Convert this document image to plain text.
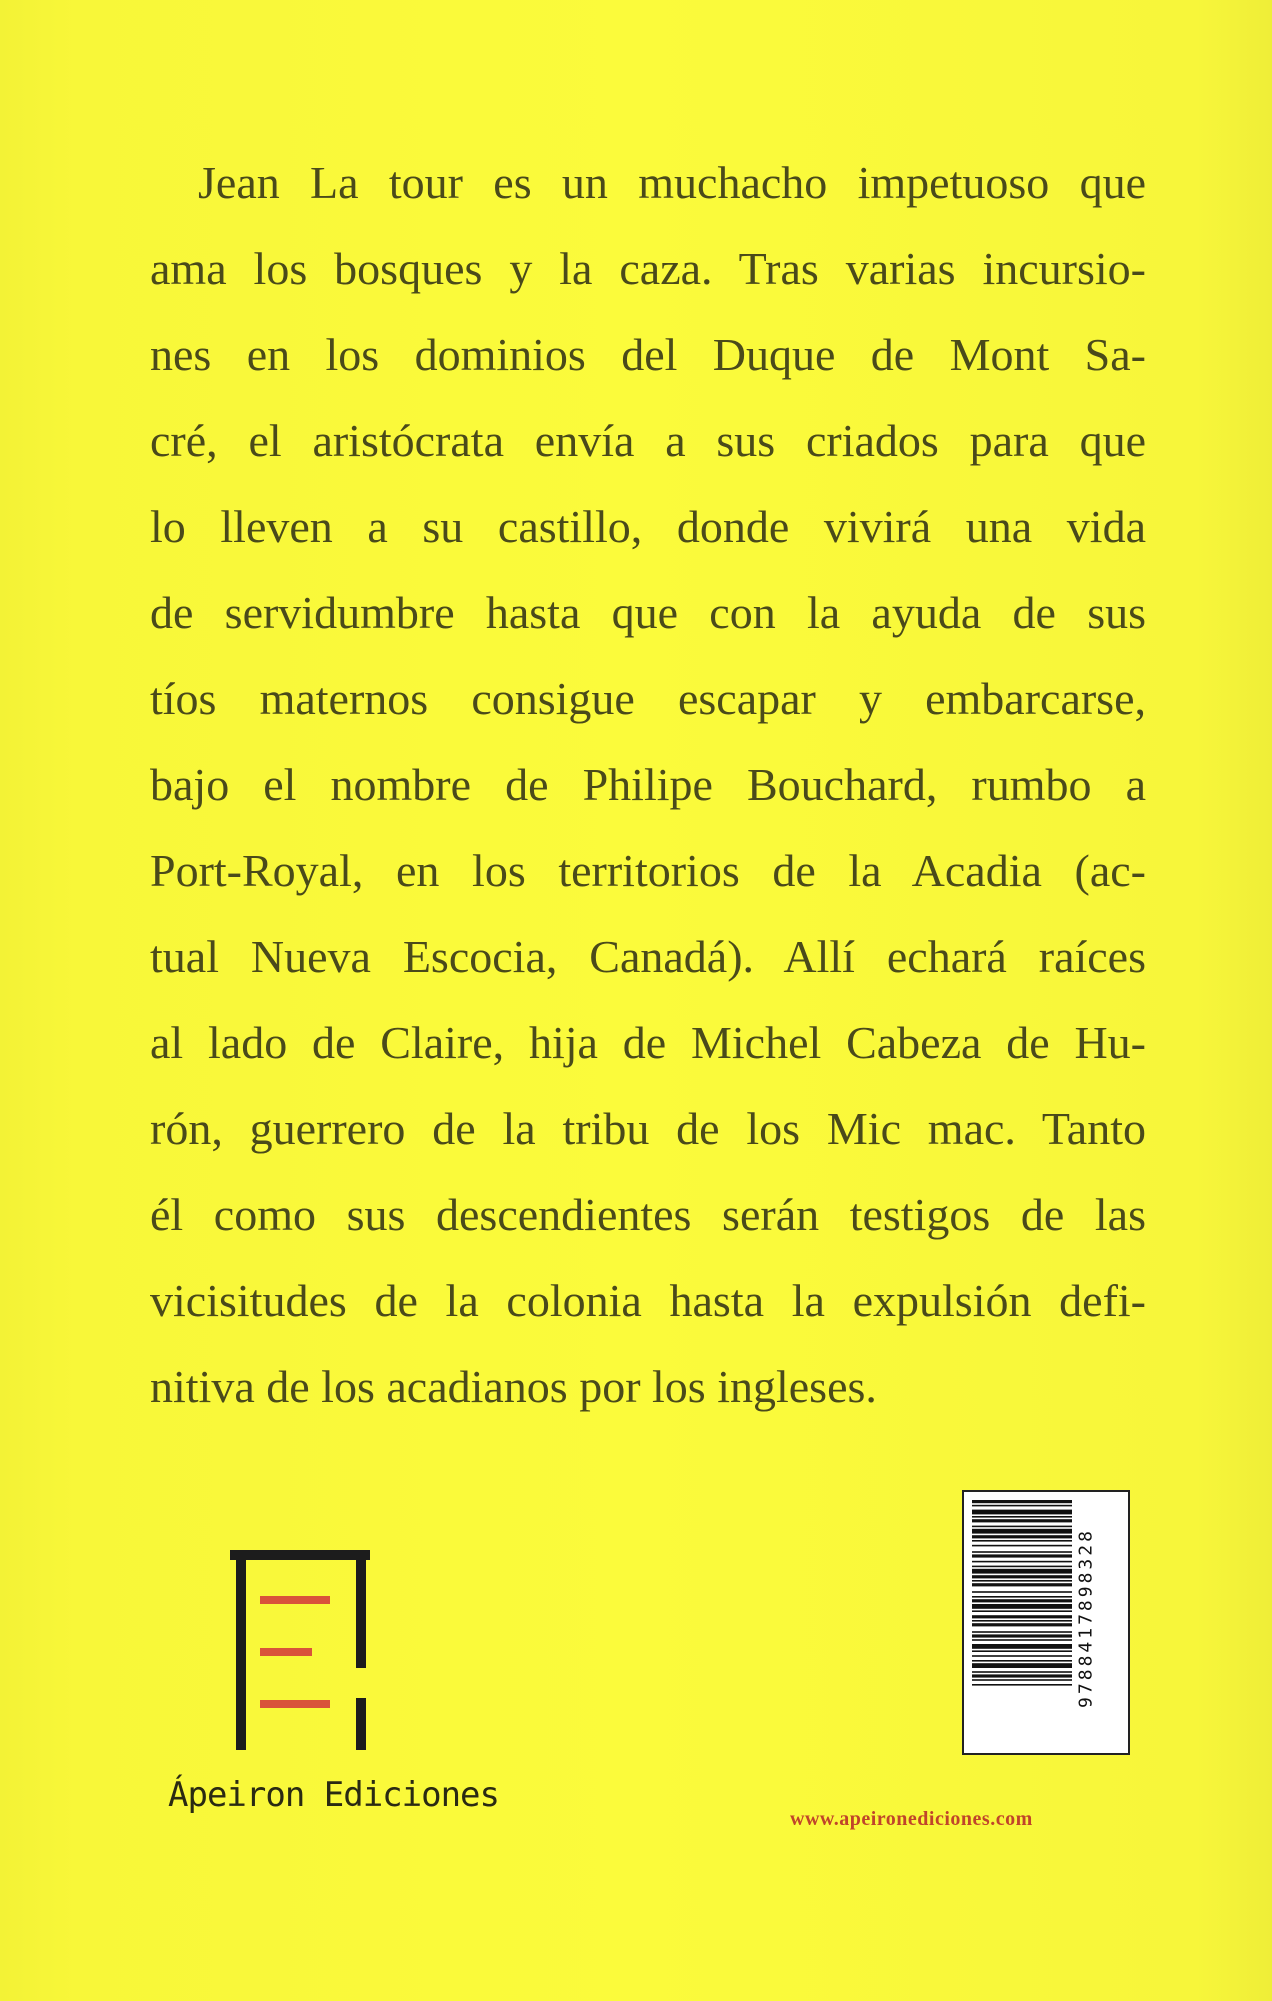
Jean La tour es un muchacho impetuoso que
ama los bosques y la caza. Tras varias incursio-
nes en los dominios del Duque de Mont Sa-
cré, el aristócrata envía a sus criados para que
lo lleven a su castillo, donde vivirá una vida
de servidumbre hasta que con la ayuda de sus
tíos maternos consigue escapar y embarcarse,
bajo el nombre de Philipe Bouchard, rumbo a
Port-Royal, en los territorios de la Acadia (ac-
tual Nueva Escocia, Canadá). Allí echará raíces
al lado de Claire, hija de Michel Cabeza de Hu-
rón, guerrero de la tribu de los Mic mac. Tanto
él como sus descendientes serán testigos de las
vicisitudes de la colonia hasta la expulsión defi-
nitiva de los acadianos por los ingleses.
Ápeiron Ediciones
9788417898328
www.apeironediciones.com
